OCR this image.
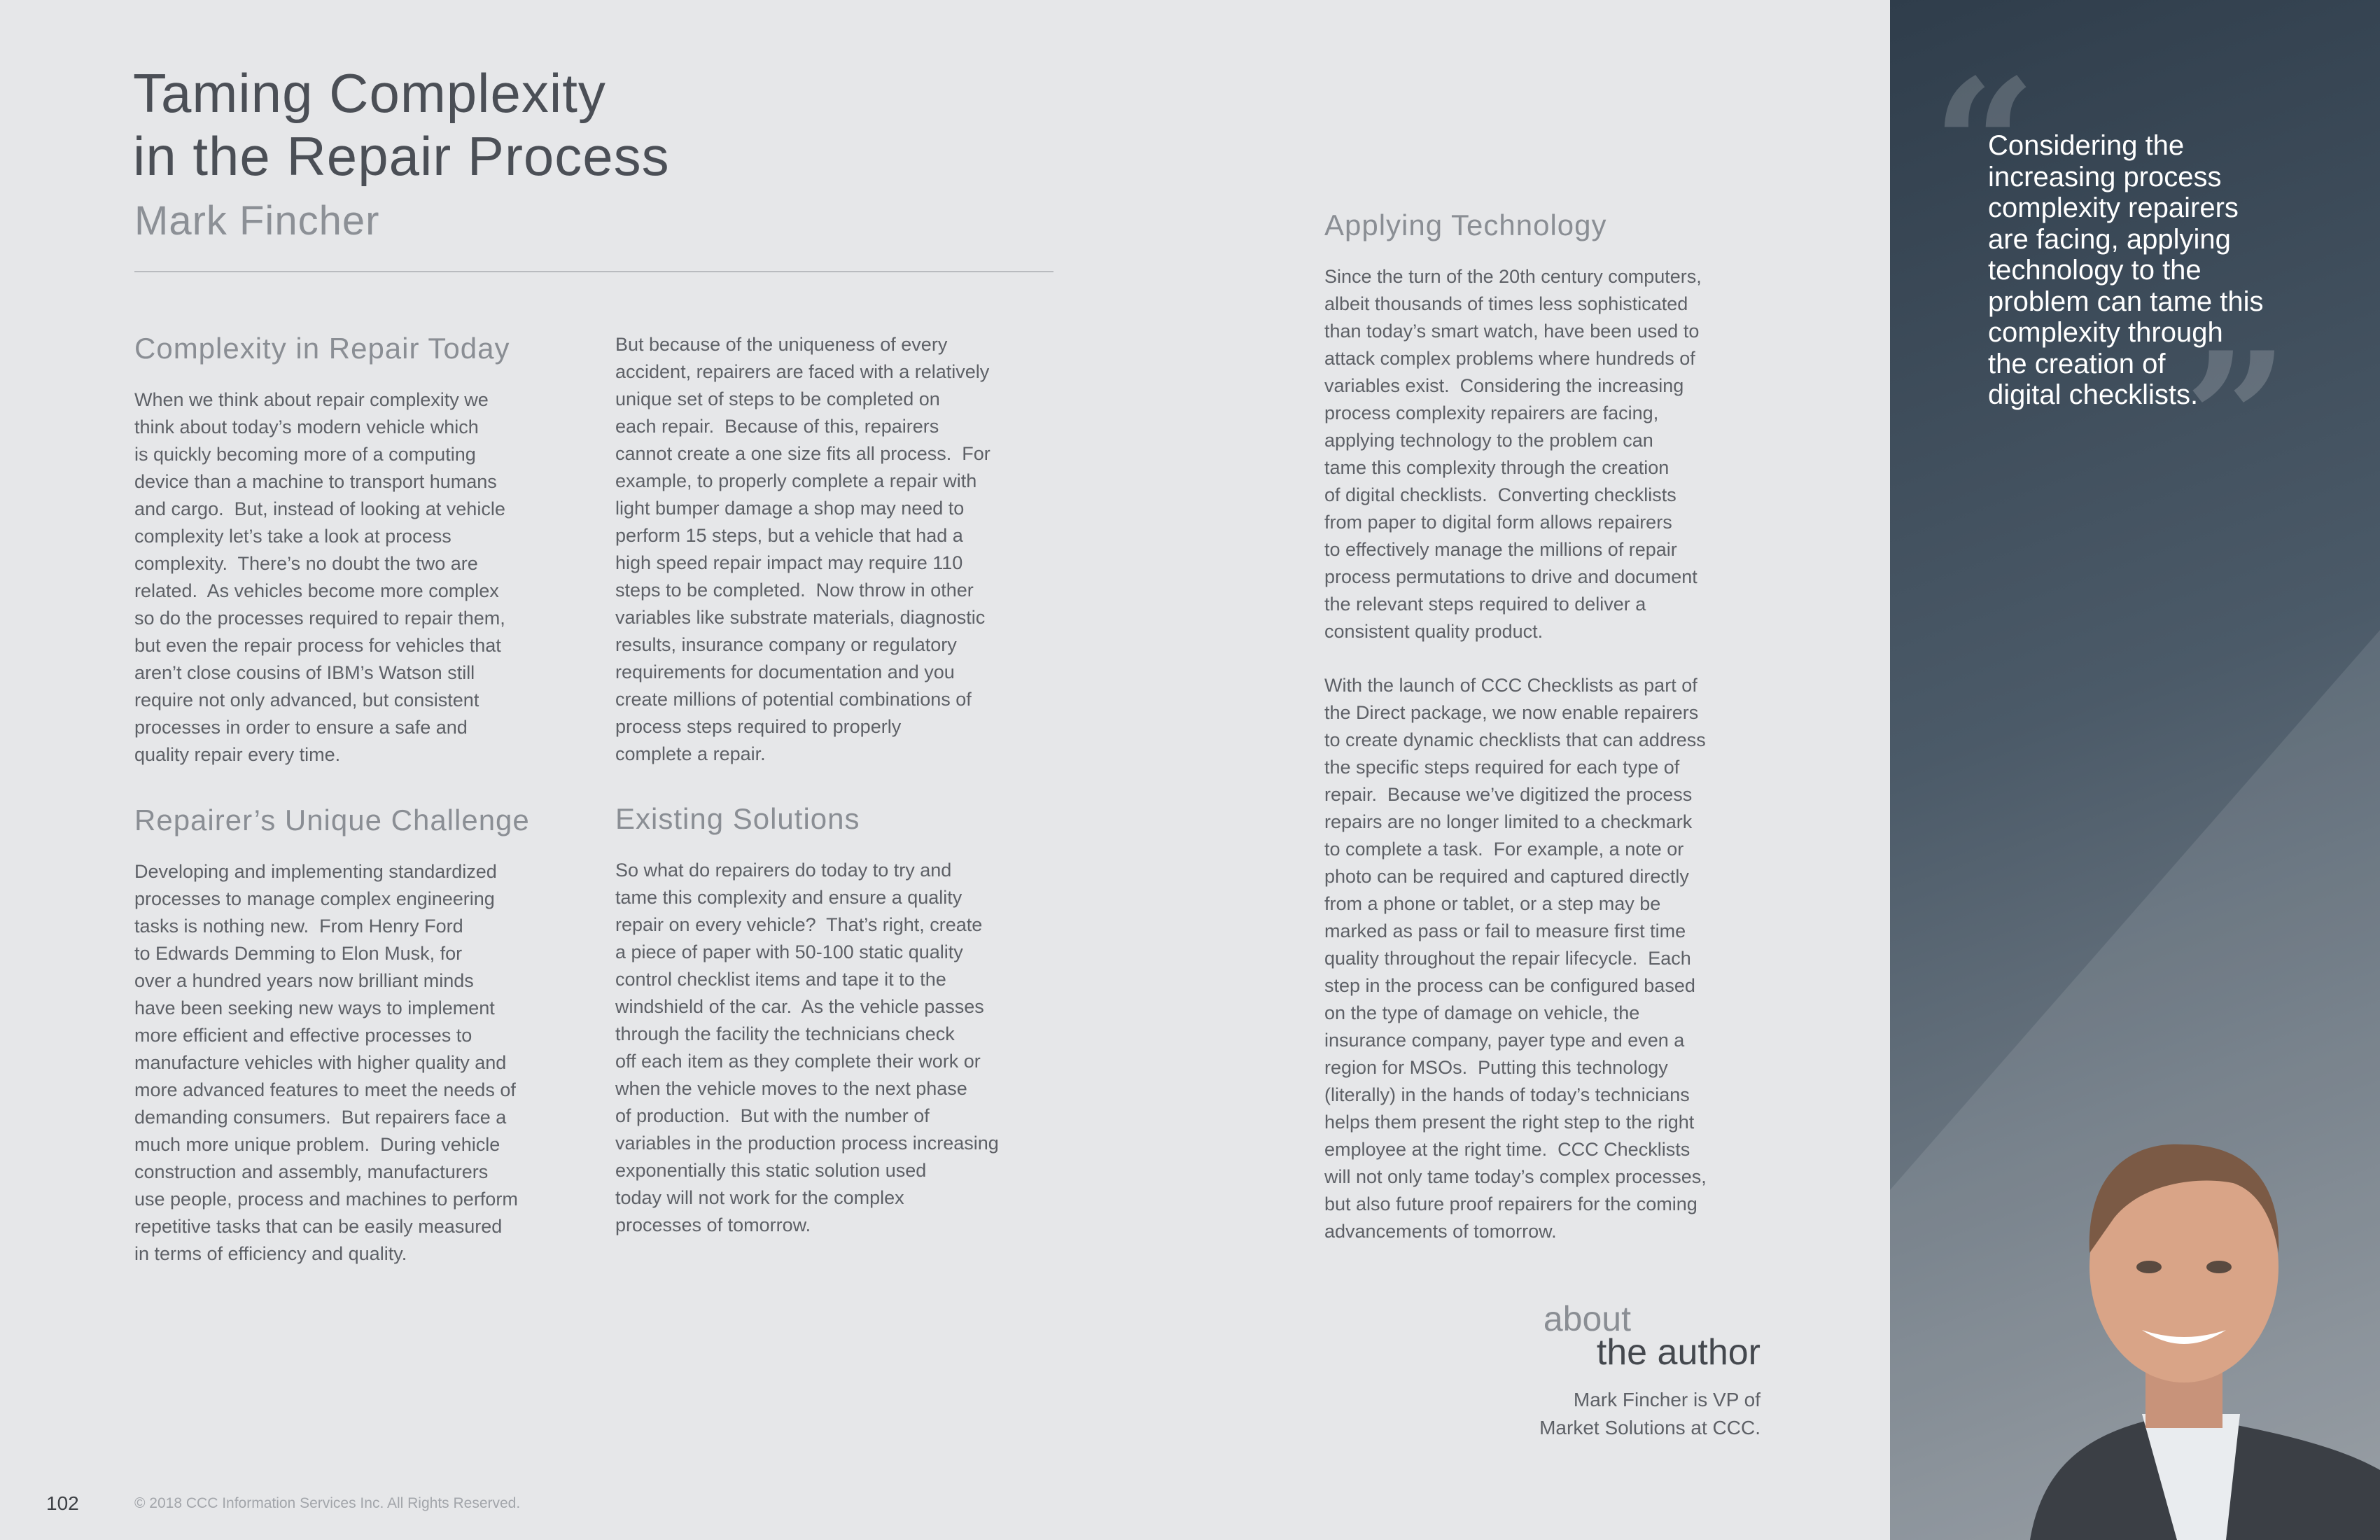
Taming Complexity
in the Repair Process
Mark Fincher
Complexity in Repair Today
When we think about repair complexity we
think about today’s modern vehicle which
is quickly becoming more of a computing
device than a machine to transport humans
and cargo.  But, instead of looking at vehicle
complexity let’s take a look at process
complexity.  There’s no doubt the two are
related.  As vehicles become more complex
so do the processes required to repair them,
but even the repair process for vehicles that
aren’t close cousins of IBM’s Watson still
require not only advanced, but consistent
processes in order to ensure a safe and
quality repair every time.
Repairer’s Unique Challenge
Developing and implementing standardized
processes to manage complex engineering
tasks is nothing new.  From Henry Ford
to Edwards Demming to Elon Musk, for
over a hundred years now brilliant minds
have been seeking new ways to implement
more efficient and effective processes to
manufacture vehicles with higher quality and
more advanced features to meet the needs of
demanding consumers.  But repairers face a
much more unique problem.  During vehicle
construction and assembly, manufacturers
use people, process and machines to perform
repetitive tasks that can be easily measured
in terms of efficiency and quality.
But because of the uniqueness of every
accident, repairers are faced with a relatively
unique set of steps to be completed on
each repair.  Because of this, repairers
cannot create a one size fits all process.  For
example, to properly complete a repair with
light bumper damage a shop may need to
perform 15 steps, but a vehicle that had a
high speed repair impact may require 110
steps to be completed.  Now throw in other
variables like substrate materials, diagnostic
results, insurance company or regulatory
requirements for documentation and you
create millions of potential combinations of
process steps required to properly
complete a repair.
Existing Solutions
So what do repairers do today to try and
tame this complexity and ensure a quality
repair on every vehicle?  That’s right, create
a piece of paper with 50-100 static quality
control checklist items and tape it to the
windshield of the car.  As the vehicle passes
through the facility the technicians check
off each item as they complete their work or
when the vehicle moves to the next phase
of production.  But with the number of
variables in the production process increasing
exponentially this static solution used
today will not work for the complex
processes of tomorrow.
Applying Technology
Since the turn of the 20th century computers,
albeit thousands of times less sophisticated
than today’s smart watch, have been used to
attack complex problems where hundreds of
variables exist.  Considering the increasing
process complexity repairers are facing,
applying technology to the problem can
tame this complexity through the creation
of digital checklists.  Converting checklists
from paper to digital form allows repairers
to effectively manage the millions of repair
process permutations to drive and document
the relevant steps required to deliver a
consistent quality product.
With the launch of CCC Checklists as part of
the Direct package, we now enable repairers
to create dynamic checklists that can address
the specific steps required for each type of
repair.  Because we’ve digitized the process
repairs are no longer limited to a checkmark
to complete a task.  For example, a note or
photo can be required and captured directly
from a phone or tablet, or a step may be
marked as pass or fail to measure first time
quality throughout the repair lifecycle.  Each
step in the process can be configured based
on the type of damage on vehicle, the
insurance company, payer type and even a
region for MSOs.  Putting this technology
(literally) in the hands of today’s technicians
helps them present the right step to the right
employee at the right time.  CCC Checklists
will not only tame today’s complex processes,
but also future proof repairers for the coming
advancements of tomorrow.
about
the author
Mark Fincher is VP of
Market Solutions at CCC.
“
”
Considering the
increasing process
complexity repairers
are facing, applying
technology to the
problem can tame this
complexity through
the creation of
digital checklists.
102	© 2018 CCC Information Services Inc. All Rights Reserved.
